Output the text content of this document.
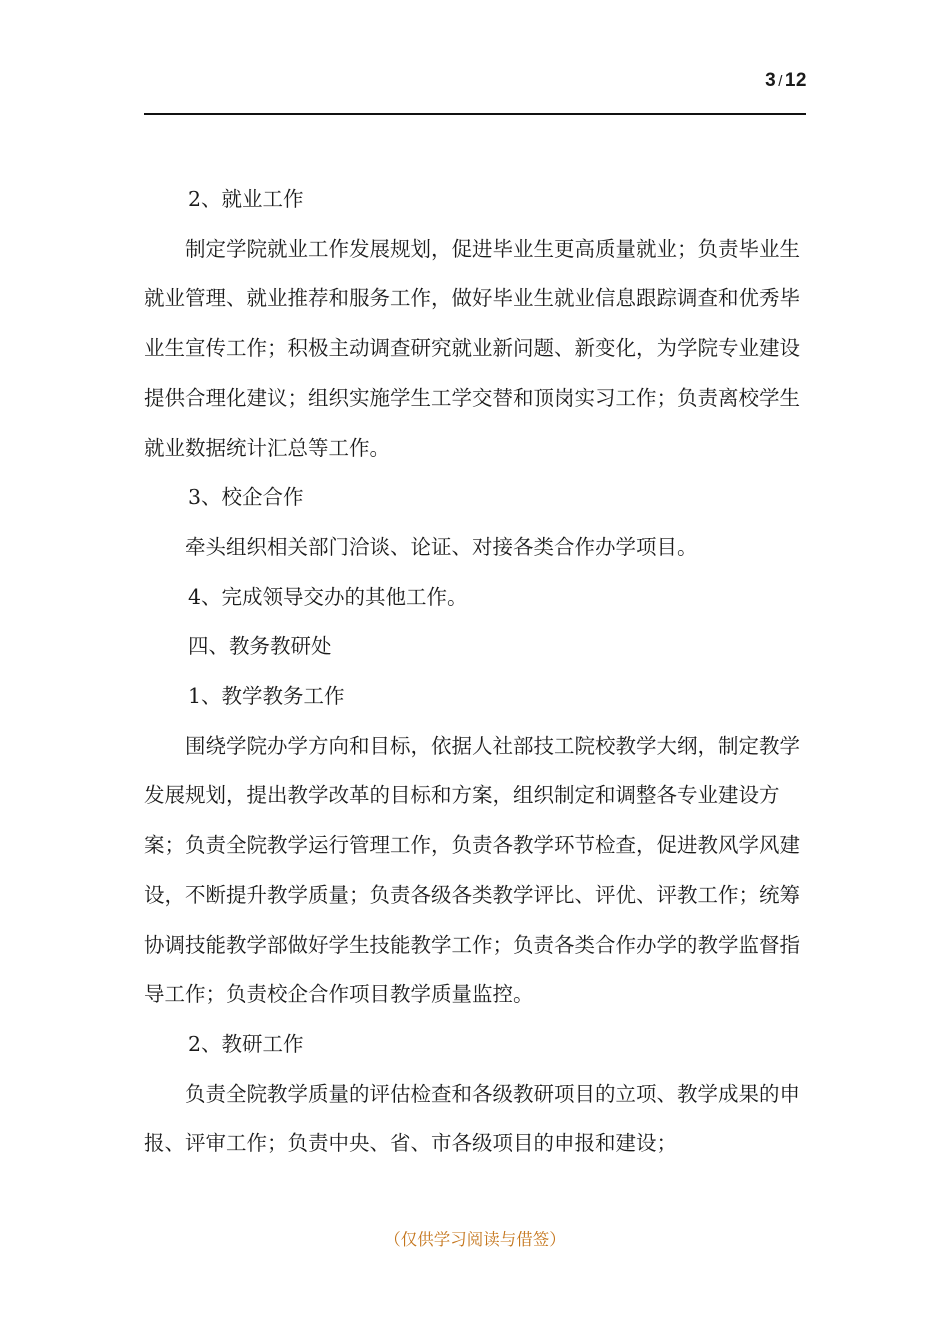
3 / 12

2、就业工作

制定学院就业工作发展规划，促进毕业生更高质量就业；负责毕业生就业管理、就业推荐和服务工作，做好毕业生就业信息跟踪调查和优秀毕业生宣传工作；积极主动调查研究就业新问题、新变化，为学院专业建设提供合理化建议；组织实施学生工学交替和顶岗实习工作；负责离校学生就业数据统计汇总等工作。

3、校企合作

牵头组织相关部门洽谈、论证、对接各类合作办学项目。

4、完成领导交办的其他工作。

四、教务教研处

1、教学教务工作

围绕学院办学方向和目标，依据人社部技工院校教学大纲，制定教学发展规划，提出教学改革的目标和方案，组织制定和调整各专业建设方案；负责全院教学运行管理工作，负责各教学环节检查，促进教风学风建设，不断提升教学质量；负责各级各类教学评比、评优、评教工作；统筹协调技能教学部做好学生技能教学工作；负责各类合作办学的教学监督指导工作；负责校企合作项目教学质量监控。

2、教研工作

负责全院教学质量的评估检查和各级教研项目的立项、教学成果的申报、评审工作；负责中央、省、市各级项目的申报和建设；

（仅供学习阅读与借签）
